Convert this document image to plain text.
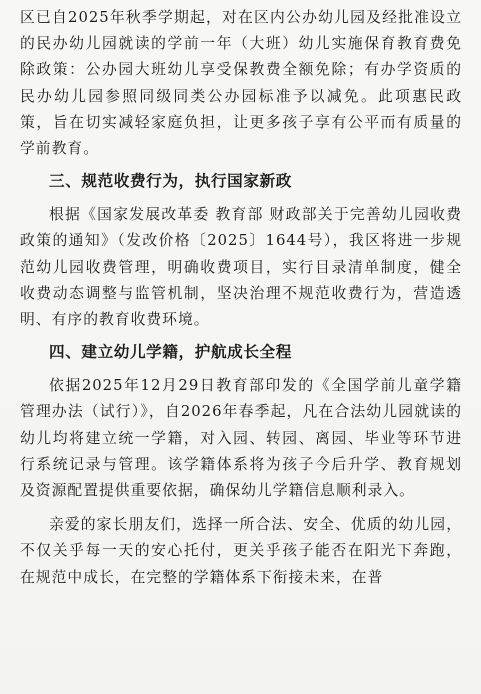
区已自2025年秋季学期起，对在区内公办幼儿园及经批准设立的民办幼儿园就读的学前一年（大班）幼儿实施保育教育费免除政策：公办园大班幼儿享受保教费全额免除；有办学资质的民办幼儿园参照同级同类公办园标准予以减免。此项惠民政策，旨在切实减轻家庭负担，让更多孩子享有公平而有质量的学前教育。

三、规范收费行为，执行国家新政

根据《国家发展改革委 教育部 财政部关于完善幼儿园收费政策的通知》（发改价格〔2025〕1644号），我区将进一步规范幼儿园收费管理，明确收费项目，实行目录清单制度，健全收费动态调整与监管机制，坚决治理不规范收费行为，营造透明、有序的教育收费环境。

四、建立幼儿学籍，护航成长全程

依据2025年12月29日教育部印发的《全国学前儿童学籍管理办法（试行）》，自2026年春季起，凡在合法幼儿园就读的幼儿均将建立统一学籍，对入园、转园、离园、毕业等环节进行系统记录与管理。该学籍体系将为孩子今后升学、教育规划及资源配置提供重要依据，确保幼儿学籍信息顺利录入。

亲爱的家长朋友们，选择一所合法、安全、优质的幼儿园，不仅关乎每一天的安心托付，更关乎孩子能否在阳光下奔跑，在规范中成长，在完整的学籍体系下衔接未来，在普
